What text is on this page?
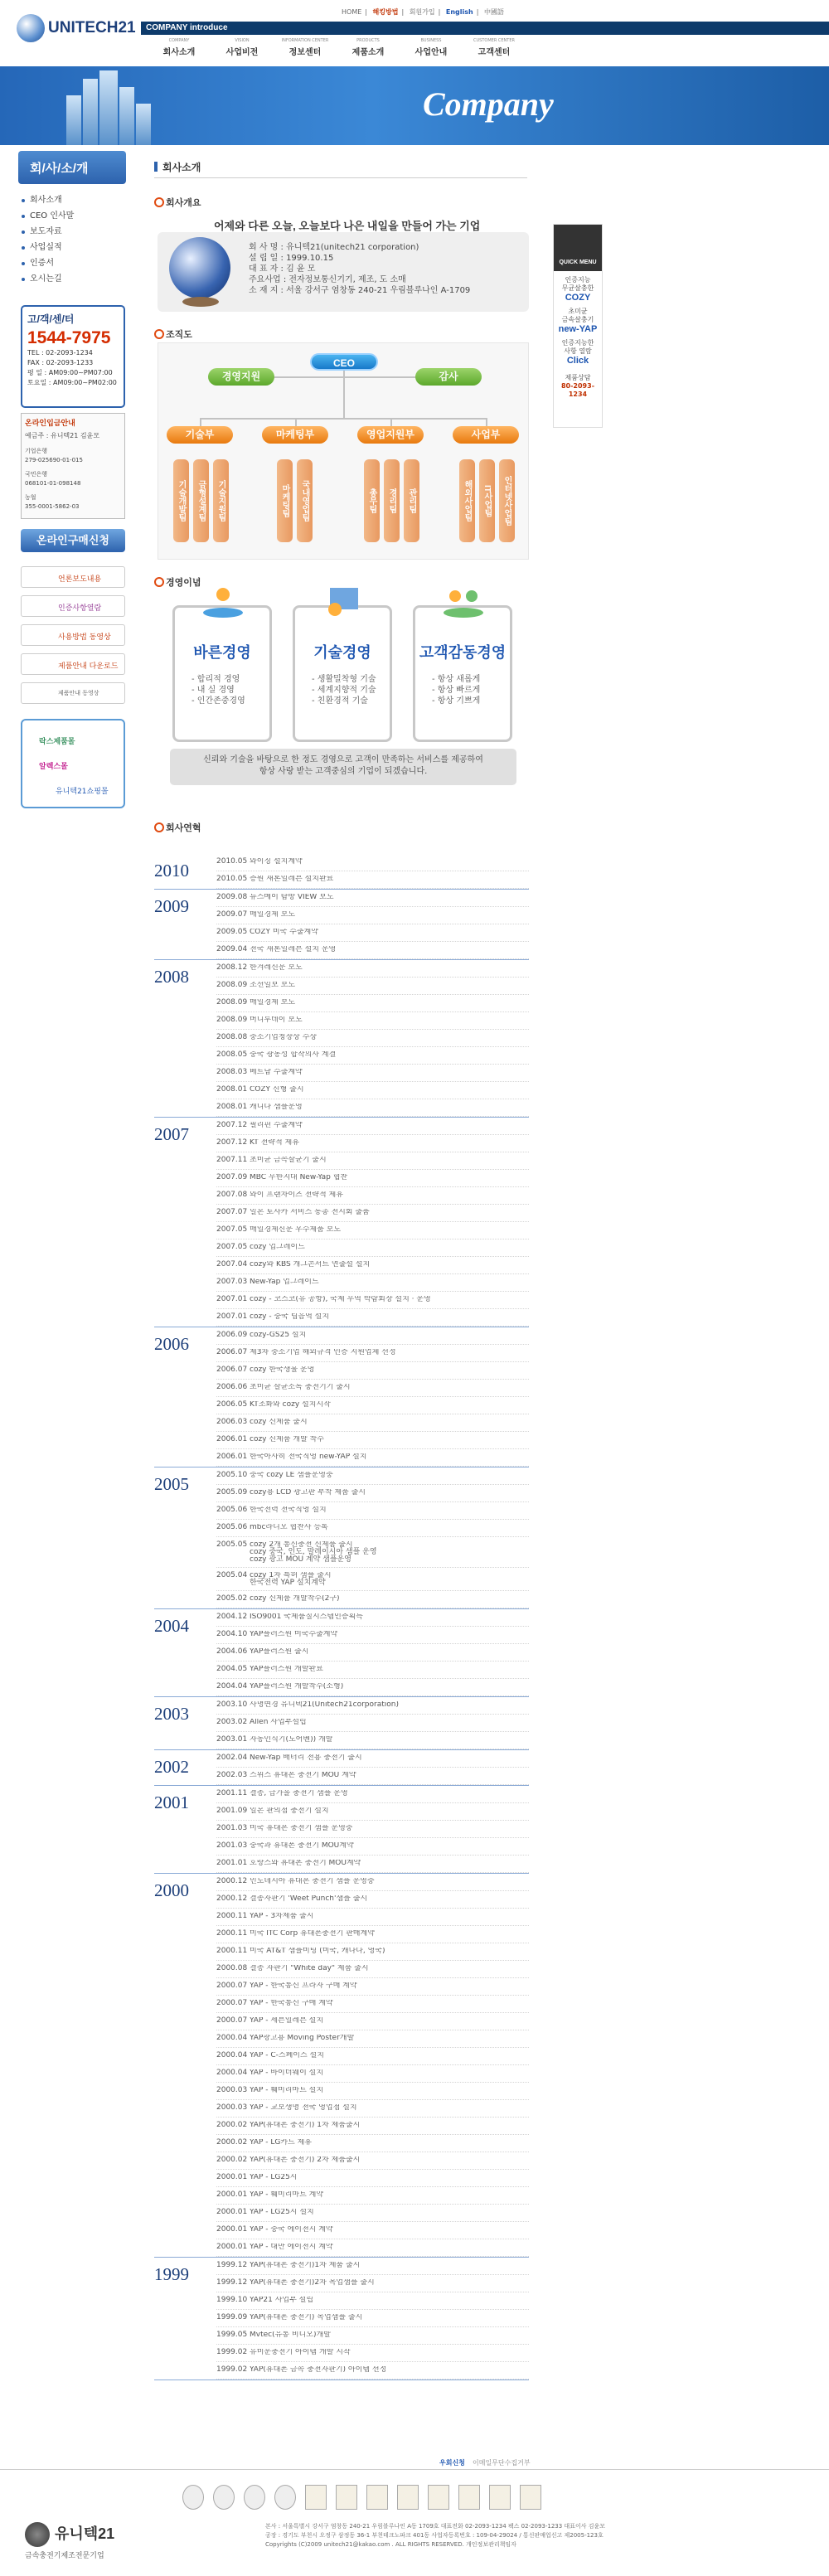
UNITECH21
HOME | 해킹방법 | 회원가입 | English | 中國語
COMPANY introduce
COMPANY
회사소개
VISION
사업비전
INFORMATION CENTER
정보센터
PRODUCTS
제품소개
BUSINESS
사업안내
CUSTOMER CENTER
고객센터
Company
회/사/소/개
회사소개
CEO 인사말
보도자료
사업실적
인증서
오시는길
고/객/센/터
1544-7975
TEL : 02-2093-1234
FAX : 02-2093-1233
평 일 : AM09:00~PM07:00
토요일 : AM09:00~PM02:00
온라인입금안내
예금주 : 유니텍21 김윤모
기업은행
279-025690-01-015
국민은행
068101-01-098148
농협
355-0001-5862-03
온라인구매신청
언론보도내용
인증사항열람
사용방법 동영상
제품안내 다운로드
제품안내 동영상
락스제품몰
알렉스몰
유니텍21쇼핑몰
QUICK MENU
인증지능
무균살충한
COZY
초미균
금속살충기
new-YAP
인증지능한
사항 열람
Click
제품상담
80-2093-1234
회사소개
회사개요
어제와 다른 오늘, 오늘보다 나은 내일을 만들어 가는 기업
회 사 명 : 유니텍21(unitech21 corporation)
설 립 일 : 1999.10.15
대 표 자 : 김 윤 모
주요사업 : 전자정보통신기기, 제조, 도 소매
소 재 지 : 서울 강서구 염창동 240-21 우림블루나인 A-1709
조직도
CEO
경영지원	감사
기술부	마케팅부	영업지원부	사업부
기술개발팀	금형설계팀	기술지원팀	마케팅팀	국내영업팀	총무팀	경리팀	관리팀	해외사업팀	IT사업팀	인터넷사업팀
경영이념
바른경영
- 합리적 경영
- 내 실 경영
- 인간존중경영
기술경영
- 생활밀착형 기술
- 세계지향적 기술
- 친환경적 기술
고객감동경영
- 항상 새롭게
- 항상 빠르게
- 항상 기쁘게
신뢰와 기술을 바탕으로 한 정도 경영으로 고객이 만족하는 서비스를 제공하여
항상 사랑 받는 고객중심의 기업이 되겠습니다.
회사연혁
2010	2010.05 와이징 설치계약
2010.05 증원 새론일레븐 설치완료
2009	2009.08 뉴스메이 탐방 VIEW 보도
2009.07 매일경제 보도
2009.05 COZY 미국 수출계약
2009.04 전국 새론일레븐 설치 운영
2008	2008.12 한겨레신문 보도
2008.09 조선일보 보도
2008.09 매일경제 보도
2008.09 머니투데이 보도
2008.08 중소기업청장상 수상
2008.05 중국 광동성 합작의사 계결
2008.03 베트남 수출계약
2008.01 COZY 신형 출시
2008.01 캐니다 샘플운영
2007	2007.12 필리핀 수출계약
2007.12 KT 전략적 제휴
2007.11 초미균 금속살균기 출시
2007.09 MBC 무한지대 New-Yap 협찬
2007.08 와이 프랜차이즈 전략적 제휴
2007.07 일본 토사카 서비스 동총 전시회 출품
2007.05 매일경제신문 우수제품 보도
2007.05 cozy 업그레이드
2007.04 cozy와 KBS 개그콘서트 연출설 설치
2007.03 New-Yap 업그레이드
2007.01 cozy - 코스코(유 공항), 국제 무역 박람회장 설치 · 운영
2007.01 cozy - 중국 팁음역 설치
2006	2006.09 cozy-GS25 설치
2006.07 제3차 중소기업 해외규격 인증 지원업체 선정
2006.07 cozy 한국생물 운영
2006.06 초미균 살균소독 충전기기 출시
2006.05 KT조화와 cozy 설치시작
2006.03 cozy 신제품 출시
2006.01 cozy 신제품 개발 착수
2006.01 한국아사히 전국직영 new-YAP 설치
2005	2005.10 중국 cozy LE 샘플운영중
2005.09 cozy용 LCD 광고판 부착 제품 출시
2005.06 한국전력 전국직영 설치
2005.06 mbc라디오 협찬사 등록
2005.05 cozy 2개 통신충전 신제품 출시
cozy 중국, 인도, 말레이시아 샘플 운영
cozy 광고 MOU 계약 샘플운영
2005.04 cozy 1차 특허 샘플 출시
한국전력 YAP 설치계약
2005.02 cozy 신제품 개발착수(2구)
2004	2004.12 ISO9001 국제품질시스템인증획득
2004.10 YAP플러스원 미국수출계약
2004.06 YAP플러스원 출시
2004.05 YAP플러스원 개발완료
2004.04 YAP플러스원 개발착수(소형)
2003	2003.10 사명변경 유니텍21(Unitech21corporation)
2003.02 Allen 사업부설립
2003.01 자동인식기(도어벤)) 개발
2002	2002.04 New-Yap 배터리 전용 충전기 출시
2002.03 스위스 휴대폰 충전기 MOU 계약
2001	2001.11 결종, 급가을 충전기 샘플 운영
2001.09 일본 판의점 충전기 설치
2001.03 미국 휴대폰 충전기 샘플 운영중
2001.03 중국과 휴대폰 충전기 MOU계약
2001.01 호랑스와 휴대폰 충전기 MOU계약
2000	2000.12 인도네시아 휴대폰 충전기 샘플 운영중
2000.12 결종자판기 'Weet Punch'샘플 출시
2000.11 YAP - 3차제품 출시
2000.11 미국 ITC Corp 휴대폰충전기 판매계약
2000.11 미국 AT&T 샘플미팅 (미국, 캐나다, 영국)
2000.08 결종 자판기 "White day" 제품 출시
2000.07 YAP - 한국통신 프라자 구매 계약
2000.07 YAP - 한국통신 구매 계약
2000.07 YAP - 세븐일레븐 설치
2000.04 YAP광고용 Moving Poster개발
2000.04 YAP - C-스페이스 설치
2000.04 YAP - 바이더웨이 설치
2000.03 YAP - 훼미리마트 설치
2000.03 YAP - 교보생명 전국 영업점 설치
2000.02 YAP(휴대폰 충전기) 1차 제품출시
2000.02 YAP - LG카드 제휴
2000.02 YAP(휴대폰 충전기) 2차 제품출시
2000.01 YAP - LG25시
2000.01 YAP - 훼미리마트 계약
2000.01 YAP - LG25시 설치
2000.01 YAP - 중국 에이전시 계약
2000.01 YAP - 대만 에이전시 계약
1999	1999.12 YAP(휴대폰 충전기)1차 제품 출시
1999.12 YAP(휴대폰 충전기)2차 목업샘플 출시
1999.10 YAP21 사업부 설립
1999.09 YAP(휴대폰 충전기) 목업샘플 출시
1999.05 Mvtec(유통 비디오)개발
1999.02 유미운충전기 아이템 개발 시작
1999.02 YAP(휴대폰 금속 충전자판기) 아이템 선정
우회신청 이메일무단수집거부
유니텍21
금속충전기제조전문기업
본사 : 서울특별시 강서구 염창동 240-21 우림블루나인 A동 1709호 대표전화 02-2093-1234 팩스 02-2093-1233 대표이사 김윤모
공장 : 경기도 부천시 오정구 삼정동 36-1 부천테크노파크 401동 사업자등록번호 : 109-04-29024 / 통신판매업신고 제2005-123호
Copyrights (C)2009 unitech21@kakao.com . ALL RIGHTS RESERVED. 개인정보관리책임자
